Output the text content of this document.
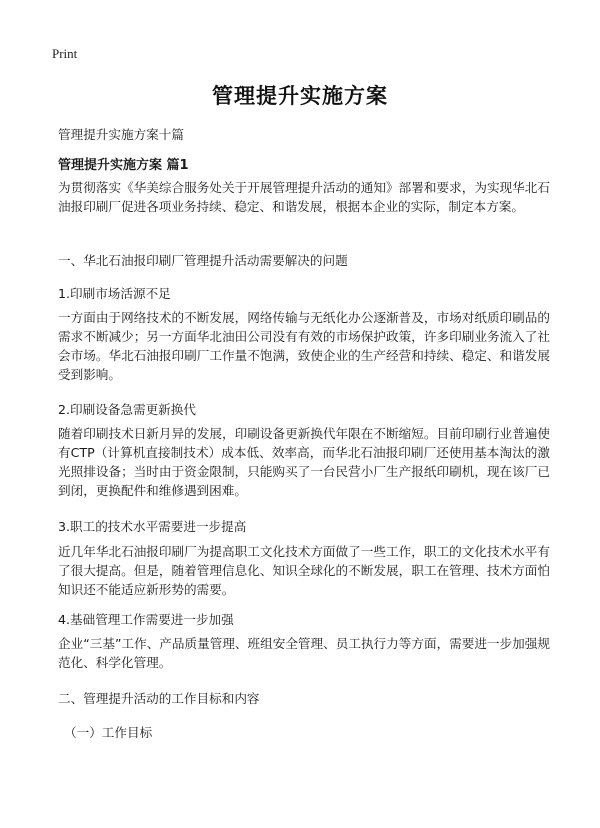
Print
管理提升实施方案
管理提升实施方案十篇
管理提升实施方案 篇1
为贯彻落实《华美综合服务处关于开展管理提升活动的通知》部署和要求，为实现华北石油报印刷厂促进各项业务持续、稳定、和谐发展，根据本企业的实际，制定本方案。
一、华北石油报印刷厂管理提升活动需要解决的问题
1.印刷市场活源不足
一方面由于网络技术的不断发展，网络传输与无纸化办公逐渐普及，市场对纸质印刷品的需求不断减少；另一方面华北油田公司没有有效的市场保护政策，许多印刷业务流入了社会市场。华北石油报印刷厂工作量不饱满，致使企业的生产经营和持续、稳定、和谐发展受到影响。
2.印刷设备急需更新换代
随着印刷技术日新月异的发展，印刷设备更新换代年限在不断缩短。目前印刷行业普遍使有CTP（计算机直接制技术）成本低、效率高，而华北石油报印刷厂还使用基本淘汰的激光照排设备；当时由于资金限制，只能购买了一台民营小厂生产报纸印刷机，现在该厂已到闭，更换配件和维修遇到困难。
3.职工的技术水平需要进一步提高
近几年华北石油报印刷厂为提高职工文化技术方面做了一些工作，职工的文化技术水平有了很大提高。但是，随着管理信息化、知识全球化的不断发展，职工在管理、技术方面怕知识还不能适应新形势的需要。
4.基础管理工作需要进一步加强
企业“三基”工作、产品质量管理、班组安全管理、员工执行力等方面，需要进一步加强规范化、科学化管理。
二、管理提升活动的工作目标和内容
（一）工作目标
